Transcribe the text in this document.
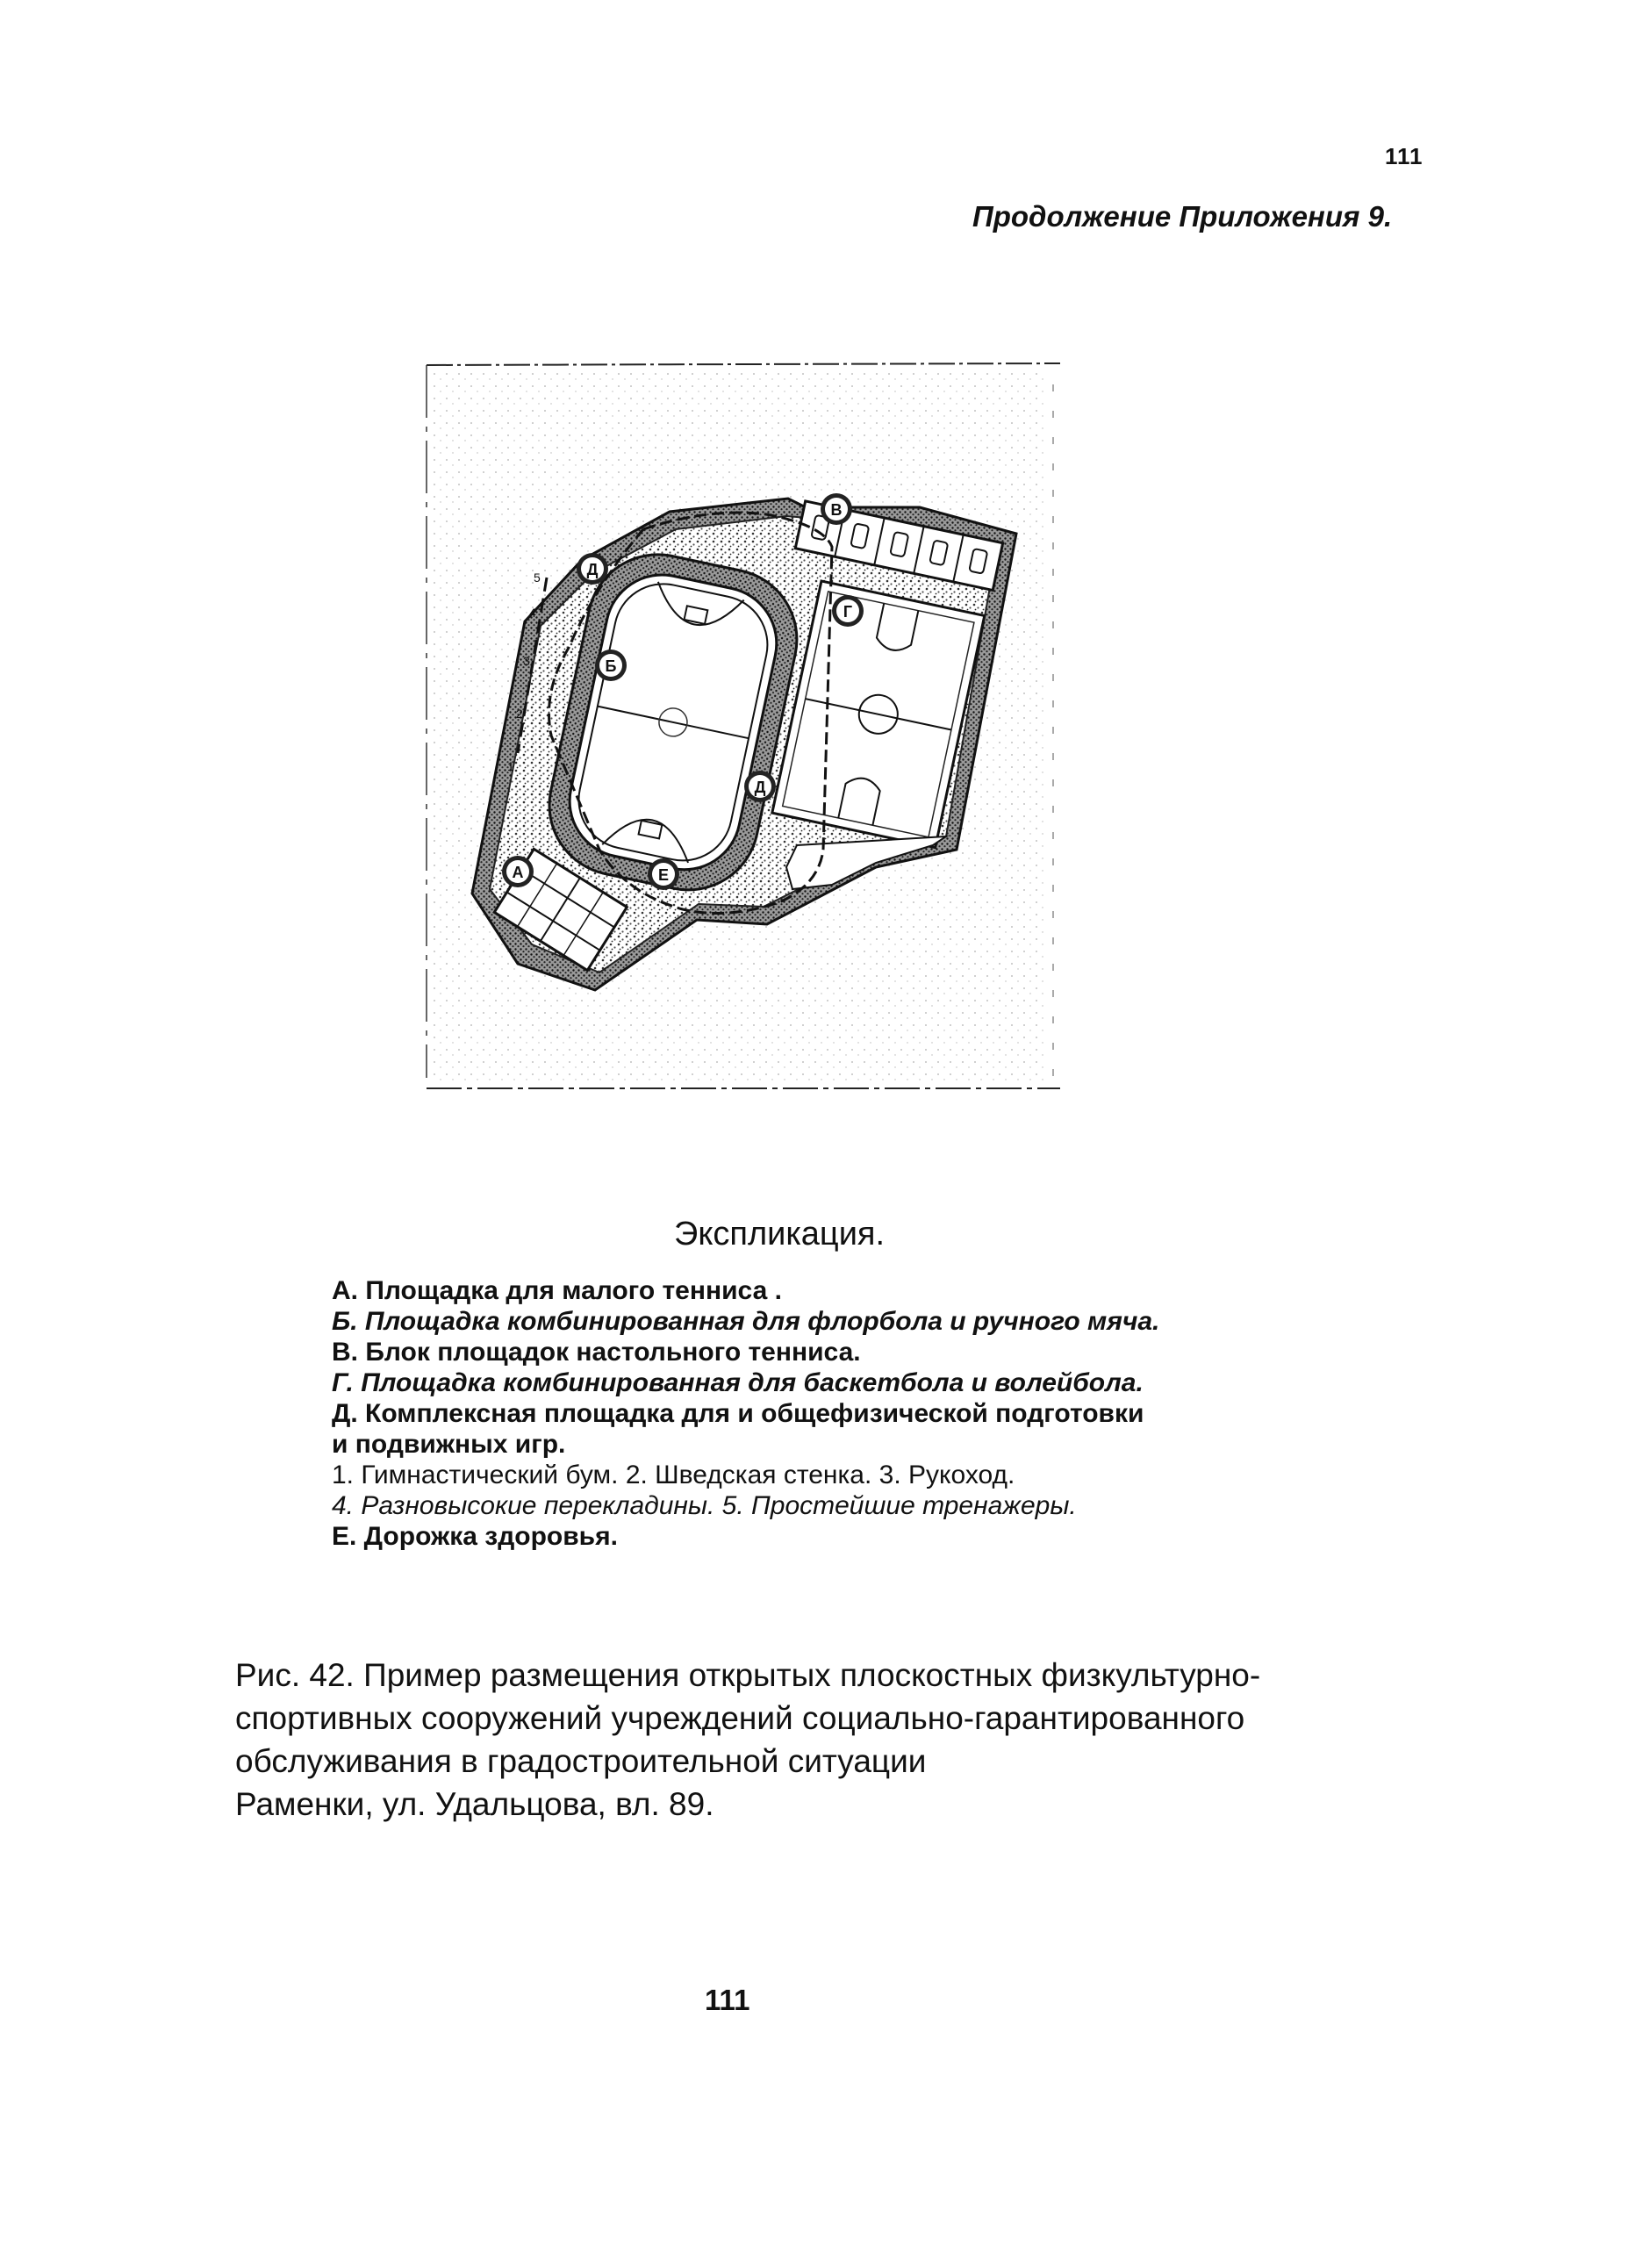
111
Продолжение Приложения 9.
5
4
3
2
1
В
Д
Б
Г
Д
А	Е
Экспликация.
А. Площадка для малого тенниса .
Б. Площадка комбинированная для флорбола и ручного мяча.
В. Блок площадок настольного тенниса.
Г. Площадка комбинированная для баскетбола и волейбола.
Д. Комплексная площадка для и общефизической подготовки
и подвижных игр.
1. Гимнастический бум. 2. Шведская стенка. 3. Рукоход.
4. Разновысокие перекладины. 5. Простейшие тренажеры.
Е. Дорожка здоровья.
Рис. 42. Пример размещения открытых плоскостных физкультурно-
спортивных сооружений учреждений социально-гарантированного
обслуживания в градостроительной ситуации
Раменки, ул. Удальцова, вл. 89.
111
